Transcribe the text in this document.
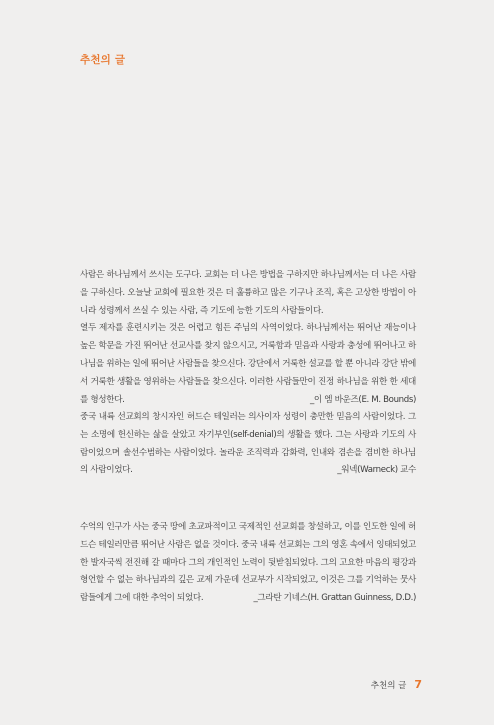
추천의 글

사람은 하나님께서 쓰시는 도구다. 교회는 더 나은 방법을 구하지만 하나님께서는 더 나은 사람을 구하신다. 오늘날 교회에 필요한 것은 더 훌륭하고 많은 기구나 조직, 혹은 고상한 방법이 아니라 성령께서 쓰실 수 있는 사람, 즉 기도에 능한 기도의 사람들이다.

열두 제자를 훈련시키는 것은 어렵고 힘든 주님의 사역이었다. 하나님께서는 뛰어난 재능이나 높은 학문을 가진 뛰어난 선교사를 찾지 않으시고, 거룩함과 믿음과 사랑과 충성에 뛰어나고 하나님을 위하는 일에 뛰어난 사람들을 찾으신다. 강단에서 거룩한 설교를 할 뿐 아니라 강단 밖에서 거룩한 생활을 영위하는 사람들을 찾으신다. 이러한 사람들만이 진정 하나님을 위한 한 세대를 형성한다.	_이 엠 바운즈(E. M. Bounds)

중국 내륙 선교회의 창시자인 허드슨 테일러는 의사이자 성령이 충만한 믿음의 사람이었다. 그는 소명에 헌신하는 삶을 살았고 자기부인(self-denial)의 생활을 했다. 그는 사랑과 기도의 사람이었으며 솔선수범하는 사람이었다. 놀라운 조직력과 감화력, 인내와 겸손을 겸비한 하나님의 사람이었다.	_워넥(Warneck) 교수

수억의 인구가 사는 중국 땅에 초교파적이고 국제적인 선교회를 창설하고, 이를 인도한 일에 허드슨 테일러만큼 뛰어난 사람은 없을 것이다. 중국 내륙 선교회는 그의 영혼 속에서 잉태되었고 한 발자국씩 전진해 갈 때마다 그의 개인적인 노력이 뒷받침되었다. 그의 고요한 마음의 평강과 형언할 수 없는 하나님과의 깊은 교제 가운데 선교부가 시작되었고, 이것은 그를 기억하는 뭇사람들에게 그에 대한 추억이 되었다.	_그라탄 기네스(H. Grattan Guinness, D.D.)

추천의 글 7
